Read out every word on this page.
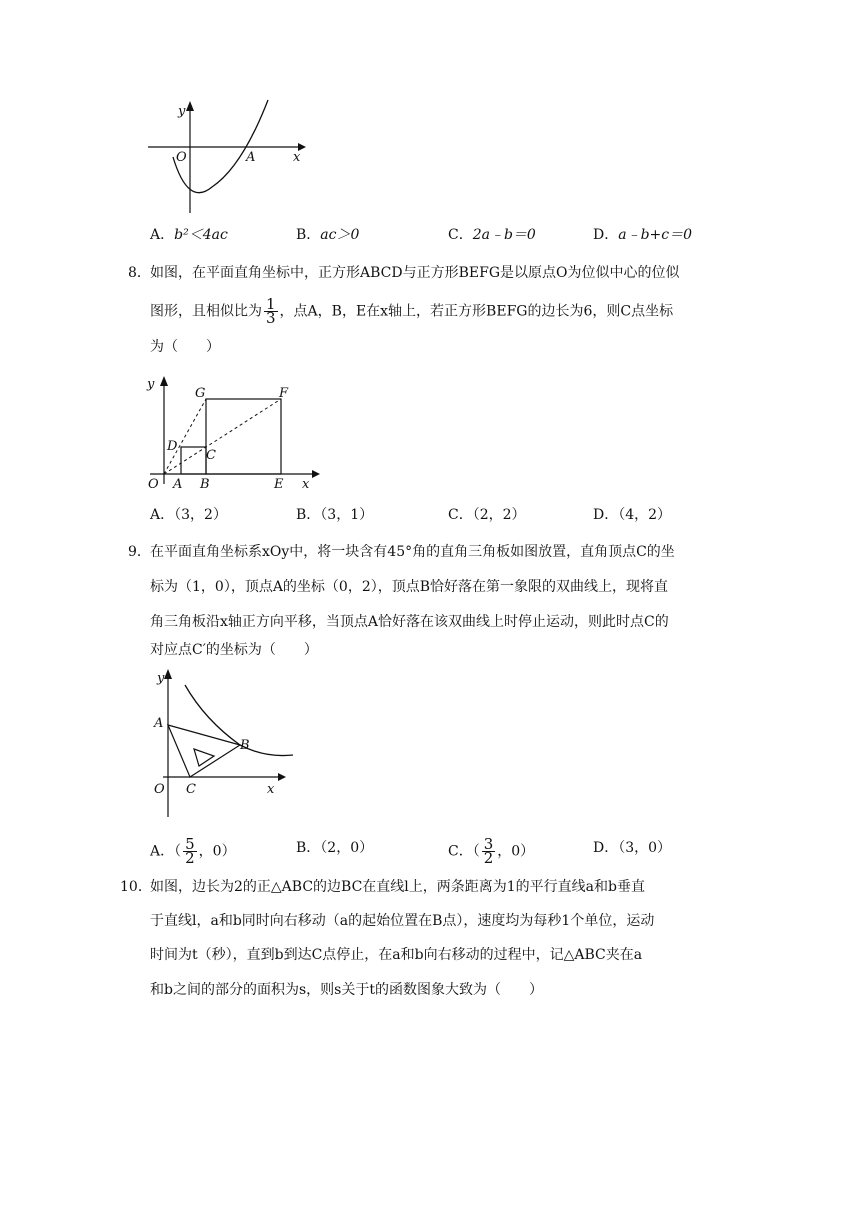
y
x
O	A
A．b²＜4ac	B．ac＞0	C．2a﹣b＝0	D．a﹣b+c＝0
8． 如图，在平面直角坐标中，正方形ABCD与正方形BEFG是以原点O为位似中心的位似
图形，且相似比为 $\frac{1}{3}$ ，点A，B，E在x轴上，若正方形BEFG的边长为6，则C点坐标
为（　　）
y
G	F
D
C
O A B	E x
A．（3，2）	B．（3，1）	C．（2，2）	D．（4，2）
9． 在平面直角坐标系xOy中，将一块含有45°角的直角三角板如图放置，直角顶点C的坐
标为（1，0），顶点A的坐标（0，2），顶点B恰好落在第一象限的双曲线上，现将直
角三角板沿x轴正方向平移，当顶点A恰好落在该双曲线上时停止运动，则此时点C的
对应点C′的坐标为（　　）
y
A
B
O C	x
A．（ $\frac{5}{2}$ ，0）	B．（2，0）	C．（ $\frac{3}{2}$ ，0）	D．（3，0）
10．
如图，边长为2的正△ABC的边BC在直线l上，两条距离为1的平行直线a和b垂直
于直线l，a和b同时向右移动（a的起始位置在B点），速度均为每秒1个单位，运动
时间为t（秒），直到b到达C点停止，在a和b向右移动的过程中，记△ABC夹在a
和b之间的部分的面积为s，则s关于t的函数图象大致为（　　）
